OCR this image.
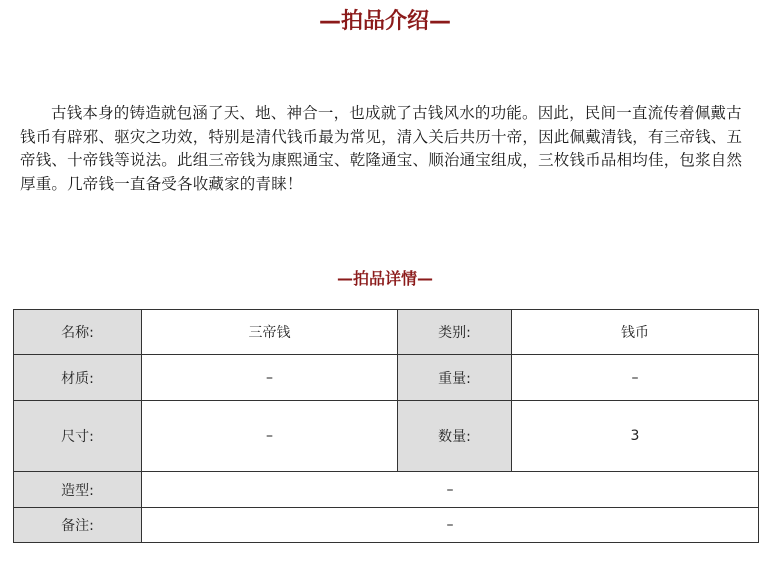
—拍品介绍—

古钱本身的铸造就包涵了天、地、神合一，也成就了古钱风水的功能。因此，民间一直流传着佩戴古钱币有辟邪、驱灾之功效，特别是清代钱币最为常见，清入关后共历十帝，因此佩戴清钱，有三帝钱、五帝钱、十帝钱等说法。此组三帝钱为康熙通宝、乾隆通宝、顺治通宝组成，三枚钱币品相均佳，包浆自然厚重。几帝钱一直备受各收藏家的青睐！

—拍品详情—
名称:	三帝钱	类别:	钱币
材质:	–	重量:	–
尺寸:	–	数量:	3
造型:	–		
备注:	–		
